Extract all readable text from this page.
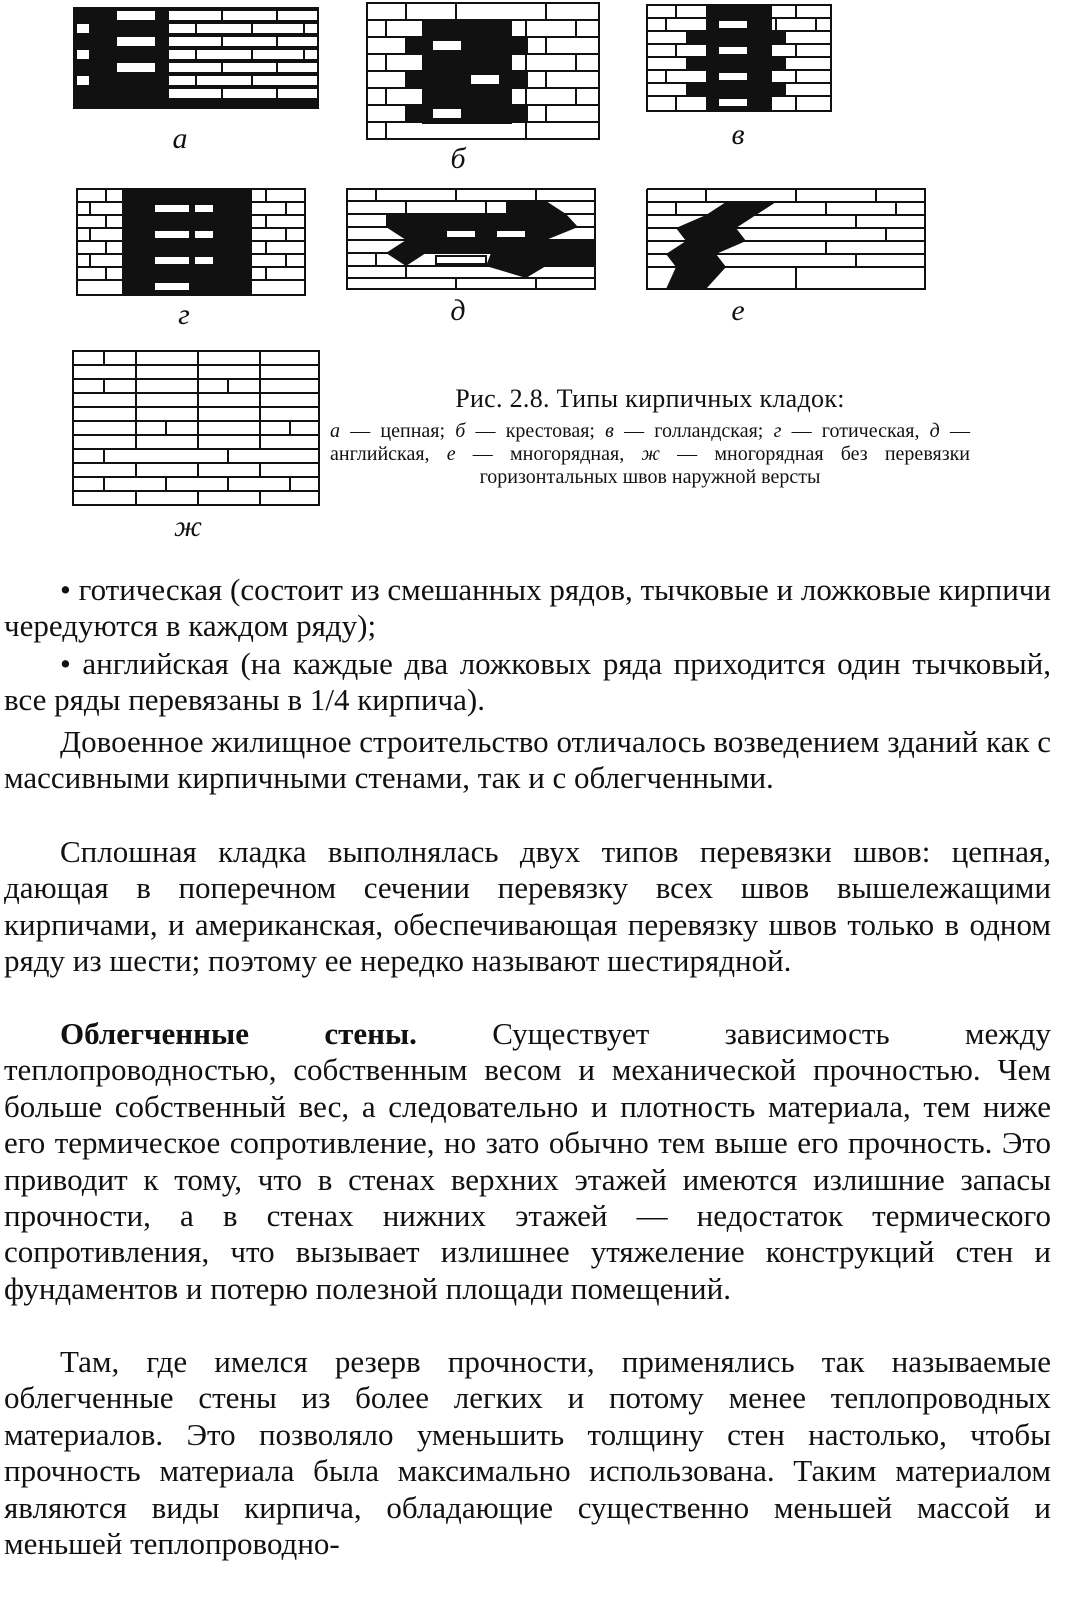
а
б
в
г	д	е
ж
Рис. 2.8. Типы кирпичных кладок:
а — цепная; б — крестовая; в — голландская; г — готическая, д — английская, е — многорядная, ж — многорядная без перевязки горизонтальных швов наружной версты

• готическая (состоит из смешанных рядов, тычковые и ложковые кирпичи чередуются в каждом ряду);

• английская (на каждые два ложковых ряда приходится один тычковый, все ряды перевязаны в 1/4 кирпича).

Довоенное жилищное строительство отличалось возведением зданий как с массивными кирпичными стенами, так и с облегченными.

Сплошная кладка выполнялась двух типов перевязки швов: цепная, дающая в поперечном сечении перевязку всех швов вышележащими кирпичами, и американская, обеспечивающая перевязку швов только в одном ряду из шести; поэтому ее нередко называют шестирядной.

Облегченные стены. Существует зависимость между теплопроводностью, собственным весом и механической прочностью. Чем больше собственный вес, а следовательно и плотность материала, тем ниже его термическое сопротивление, но зато обычно тем выше его прочность. Это приводит к тому, что в стенах верхних этажей имеются излишние запасы прочности, а в стенах нижних этажей — недостаток термического сопротивления, что вызывает излишнее утяжеление конструкций стен и фундаментов и потерю полезной площади помещений.

Там, где имелся резерв прочности, применялись так называемые облегченные стены из более легких и потому менее теплопроводных материалов. Это позволяло уменьшить толщину стен настолько, чтобы прочность материала была максимально использована. Таким материалом являются виды кирпича, обладающие существенно меньшей массой и меньшей теплопроводно-
